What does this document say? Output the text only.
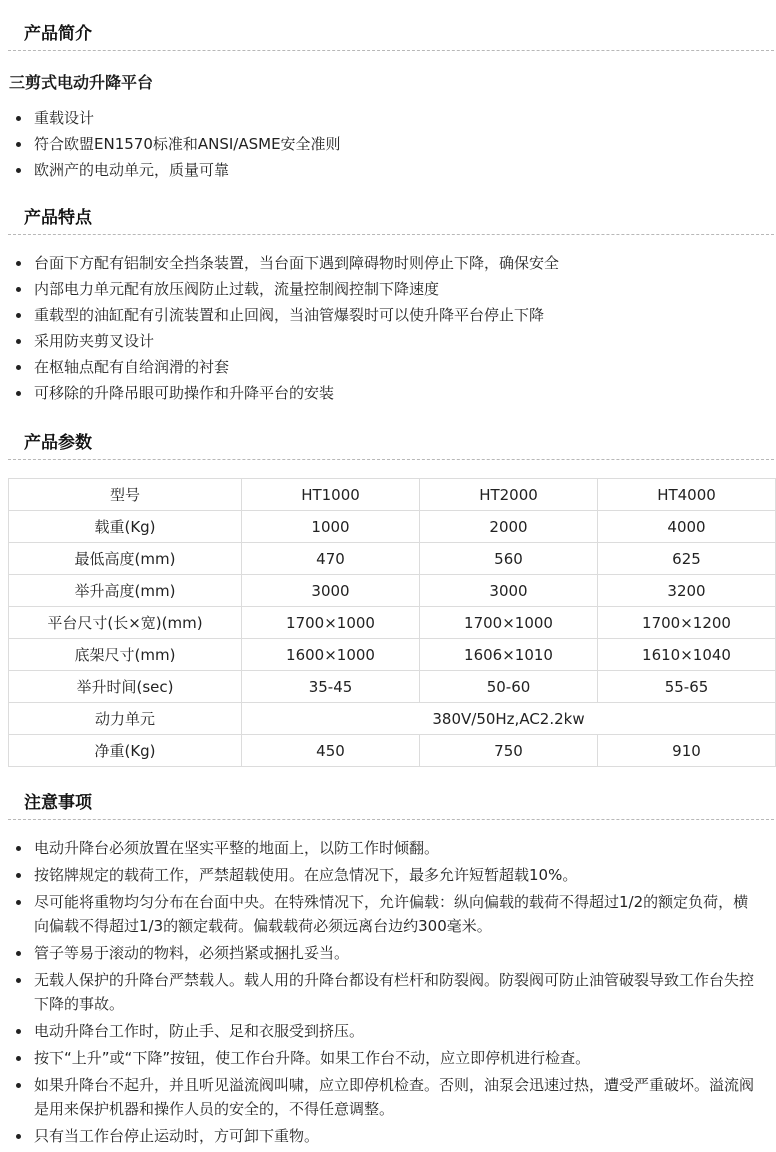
产品简介
三剪式电动升降平台
重载设计
符合欧盟EN1570标准和ANSI/ASME安全准则
欧洲产的电动单元，质量可靠
产品特点
台面下方配有铝制安全挡条装置，当台面下遇到障碍物时则停止下降，确保安全
内部电力单元配有放压阀防止过载，流量控制阀控制下降速度
重载型的油缸配有引流装置和止回阀，当油管爆裂时可以使升降平台停止下降
采用防夹剪叉设计
在枢轴点配有自给润滑的衬套
可移除的升降吊眼可助操作和升降平台的安装
产品参数
型号	HT1000	HT2000	HT4000
载重(Kg)	1000	2000	4000
最低高度(mm)	470	560	625
举升高度(mm)	3000	3000	3200
平台尺寸(长×宽)(mm)	1700×1000	1700×1000	1700×1200
底架尺寸(mm)	1600×1000	1606×1010	1610×1040
举升时间(sec)	35-45	50-60	55-65
动力单元	380V/50Hz,AC2.2kw		
净重(Kg)	450	750	910
注意事项
电动升降台必须放置在坚实平整的地面上，以防工作时倾翻。
按铭牌规定的载荷工作，严禁超载使用。在应急情况下，最多允许短暂超载10%。
尽可能将重物均匀分布在台面中央。在特殊情况下，允许偏载：纵向偏载的载荷不得超过1/2的额定负荷，横向偏载不得超过1/3的额定载荷。偏载载荷必须远离台边约300毫米。
管子等易于滚动的物料，必须挡紧或捆扎妥当。
无载人保护的升降台严禁载人。载人用的升降台都设有栏杆和防裂阀。防裂阀可防止油管破裂导致工作台失控下降的事故。
电动升降台工作时，防止手、足和衣服受到挤压。
按下“上升”或“下降”按钮，使工作台升降。如果工作台不动，应立即停机进行检查。
如果升降台不起升，并且听见溢流阀叫啸，应立即停机检查。否则，油泵会迅速过热，遭受严重破坏。溢流阀是用来保护机器和操作人员的安全的，不得任意调整。
只有当工作台停止运动时，方可卸下重物。
